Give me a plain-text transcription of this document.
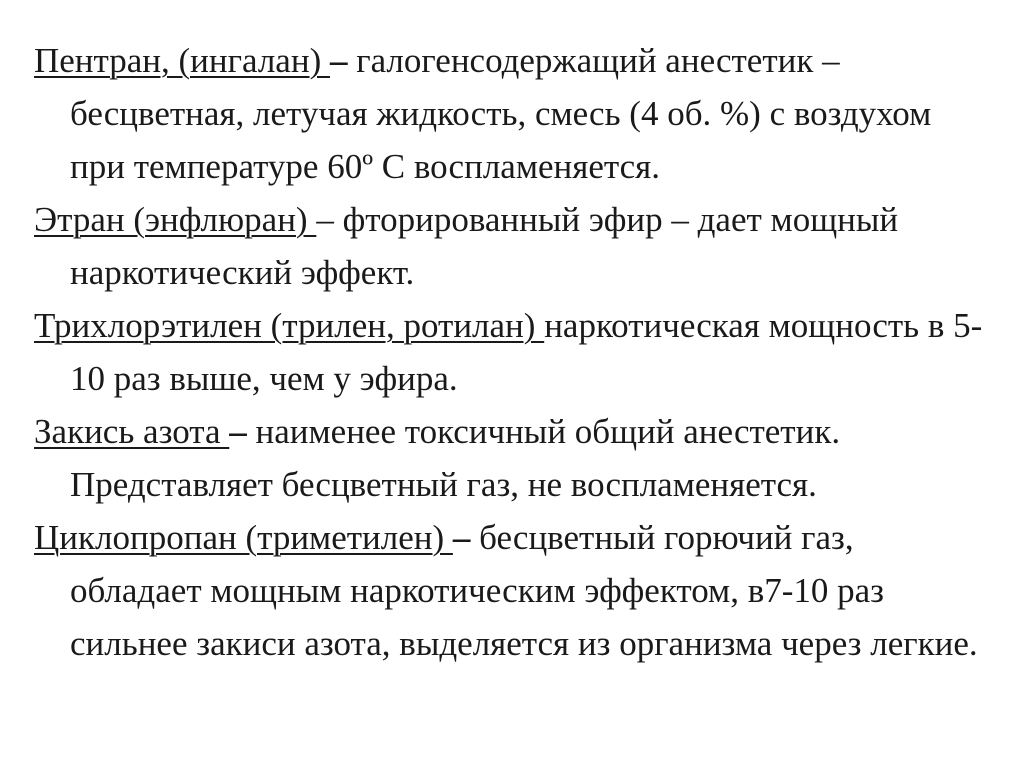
Пентран, (ингалан) – галогенсодержащий анестетик – бесцветная, летучая жидкость, смесь (4 об. %) с воздухом при температуре 60º С воспламеняется.

Этран (энфлюран) – фторированный эфир – дает мощный наркотический эффект.

Трихлорэтилен (трилен, ротилан) наркотическая мощность в 5-10 раз выше, чем у эфира.

Закись азота – наименее токсичный общий анестетик. Представляет бесцветный газ, не воспламеняется.

Циклопропан (триметилен) – бесцветный горючий газ, обладает мощным наркотическим эффектом, в7-10 раз сильнее закиси азота, выделяется из организма через легкие.
